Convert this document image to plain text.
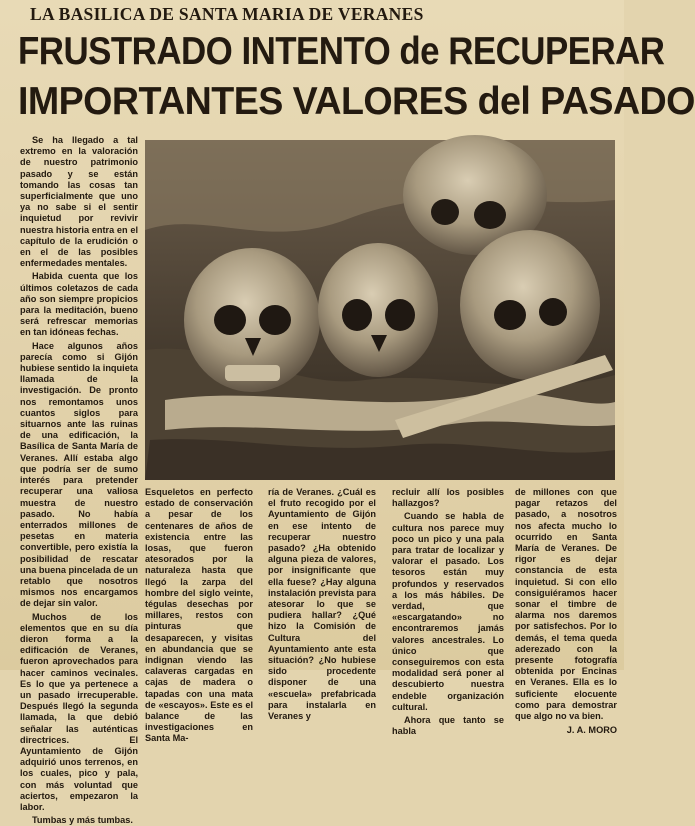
LA BASILICA DE SANTA MARIA DE VERANES
FRUSTRADO INTENTO de RECUPERAR
IMPORTANTES VALORES del PASADO

Se ha llegado a tal extremo en la valoración de nuestro patrimonio pasado y se están tomando las cosas tan superficialmente que uno ya no sabe si el sentir inquietud por revivir nuestra historia entra en el capítulo de la erudición o en el de las posibles enfermedades mentales.

Habida cuenta que los últimos coletazos de cada año son siempre propicios para la meditación, bueno será refrescar memorias en tan idóneas fechas.

Hace algunos años parecía como si Gijón hubiese sentido la inquieta llamada de la investigación. De pronto nos remontamos unos cuantos siglos para situarnos ante las ruinas de una edificación, la Basílica de Santa María de Veranes. Allí estaba algo que podría ser de sumo interés para pretender recuperar una valiosa muestra de nuestro pasado. No había enterrados millones de pesetas en materia convertible, pero existía la posibilidad de rescatar una buena pincelada de un retablo que nosotros mismos nos encargamos de dejar sin valor.

Muchos de los elementos que en su día dieron forma a la edificación de Veranes, fueron aprovechados para hacer caminos vecinales. Es lo que ya pertenece a un pasado irrecuperable. Después llegó la segunda llamada, la que debió señalar las auténticas directrices. El Ayuntamiento de Gijón adquirió unos terrenos, en los cuales, pico y pala, con más voluntad que aciertos, empezaron la labor.

Tumbas y más tumbas.

Esqueletos en perfecto estado de conservación a pesar de los centenares de años de existencia entre las losas, que fueron atesorados por la naturaleza hasta que llegó la zarpa del hombre del siglo veinte, tégulas desechas por millares, restos con pinturas que desaparecen, y visitas en abundancia que se indignan viendo las calaveras cargadas en cajas de madera o tapadas con una mata de «escayos». Este es el balance de las investigaciones en Santa Ma-

ría de Veranes. ¿Cuál es el fruto recogido por el Ayuntamiento de Gijón en ese intento de recuperar nuestro pasado? ¿Ha obtenido alguna pieza de valores, por insignificante que ella fuese? ¿Hay alguna instalación prevista para atesorar lo que se pudiera hallar? ¿Qué hizo la Comisión de Cultura del Ayuntamiento ante esta situación? ¿No hubiese sido procedente disponer de una «escuela» prefabricada para instalarla en Veranes y

recluir allí los posibles hallazgos?

Cuando se habla de cultura nos parece muy poco un pico y una pala para tratar de localizar y valorar el pasado. Los tesoros están muy profundos y reservados a los más hábiles. De verdad, que «escargatando» no encontraremos jamás valores ancestrales. Lo único que conseguiremos con esta modalidad será poner al descubierto nuestra endeble organización cultural.

Ahora que tanto se habla

de millones con que pagar retazos del pasado, a nosotros nos afecta mucho lo ocurrido en Santa María de Veranes. De rigor es dejar constancia de esta inquietud. Si con ello consiguiéramos hacer sonar el timbre de alarma nos daremos por satisfechos. Por lo demás, el tema queda aderezado con la presente fotografía obtenida por Encinas en Veranes. Ella es lo suficiente elocuente como para demostrar que algo no va bien.

J. A. MORO
